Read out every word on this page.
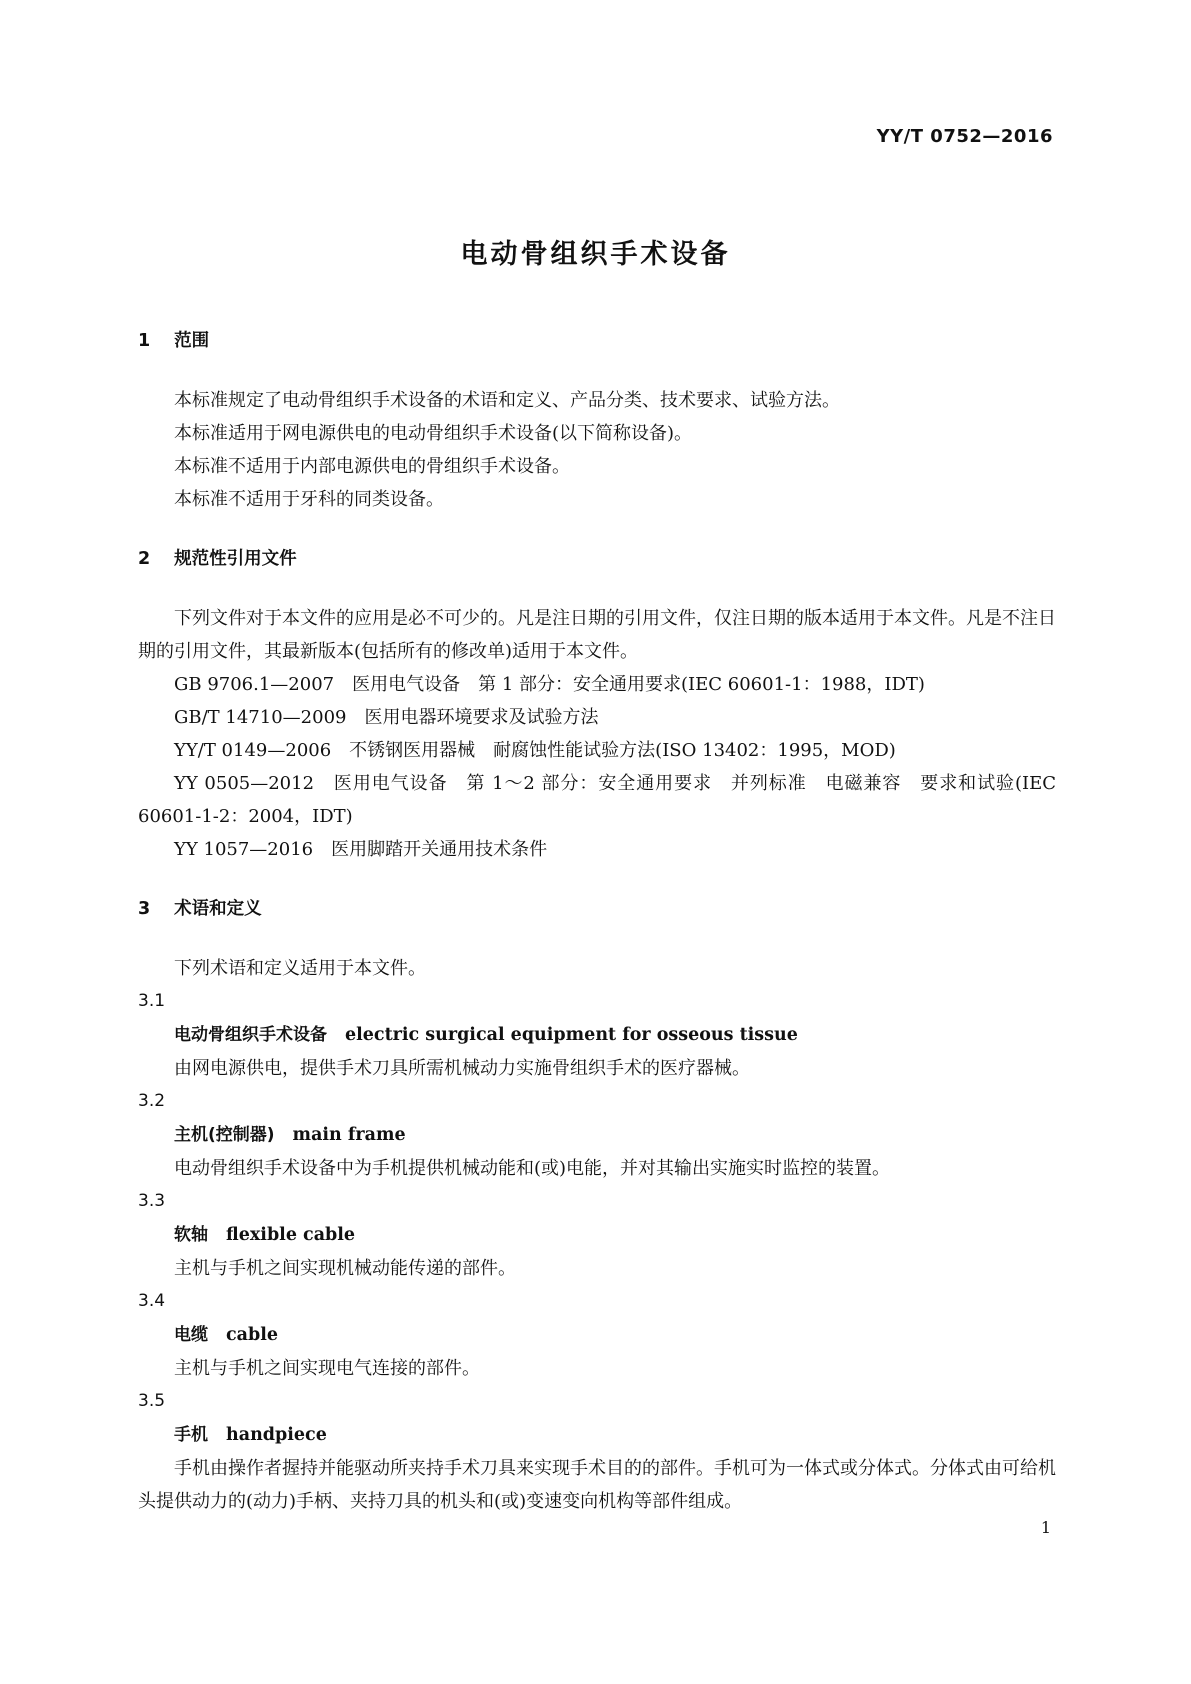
YY/T 0752—2016
电动骨组织手术设备
1 范围

本标准规定了电动骨组织手术设备的术语和定义、产品分类、技术要求、试验方法。

本标准适用于网电源供电的电动骨组织手术设备(以下简称设备)。

本标准不适用于内部电源供电的骨组织手术设备。

本标准不适用于牙科的同类设备。

2 规范性引用文件

下列文件对于本文件的应用是必不可少的。凡是注日期的引用文件，仅注日期的版本适用于本文件。凡是不注日期的引用文件，其最新版本(包括所有的修改单)适用于本文件。

GB 9706.1—2007　医用电气设备　第 1 部分：安全通用要求(IEC 60601-1：1988，IDT)

GB/T 14710—2009　医用电器环境要求及试验方法

YY/T 0149—2006　不锈钢医用器械　耐腐蚀性能试验方法(ISO 13402：1995，MOD)

YY 0505—2012　医用电气设备　第 1～2 部分：安全通用要求　并列标准　电磁兼容　要求和试验(IEC 60601-1-2：2004，IDT)

YY 1057—2016　医用脚踏开关通用技术条件

3 术语和定义

下列术语和定义适用于本文件。

3.1

电动骨组织手术设备 electric surgical equipment for osseous tissue

由网电源供电，提供手术刀具所需机械动力实施骨组织手术的医疗器械。

3.2

主机(控制器) main frame

电动骨组织手术设备中为手机提供机械动能和(或)电能，并对其输出实施实时监控的装置。

3.3

软轴 flexible cable

主机与手机之间实现机械动能传递的部件。

3.4

电缆 cable

主机与手机之间实现电气连接的部件。

3.5

手机 handpiece

手机由操作者握持并能驱动所夹持手术刀具来实现手术目的的部件。手机可为一体式或分体式。分体式由可给机头提供动力的(动力)手柄、夹持刀具的机头和(或)变速变向机构等部件组成。

1
